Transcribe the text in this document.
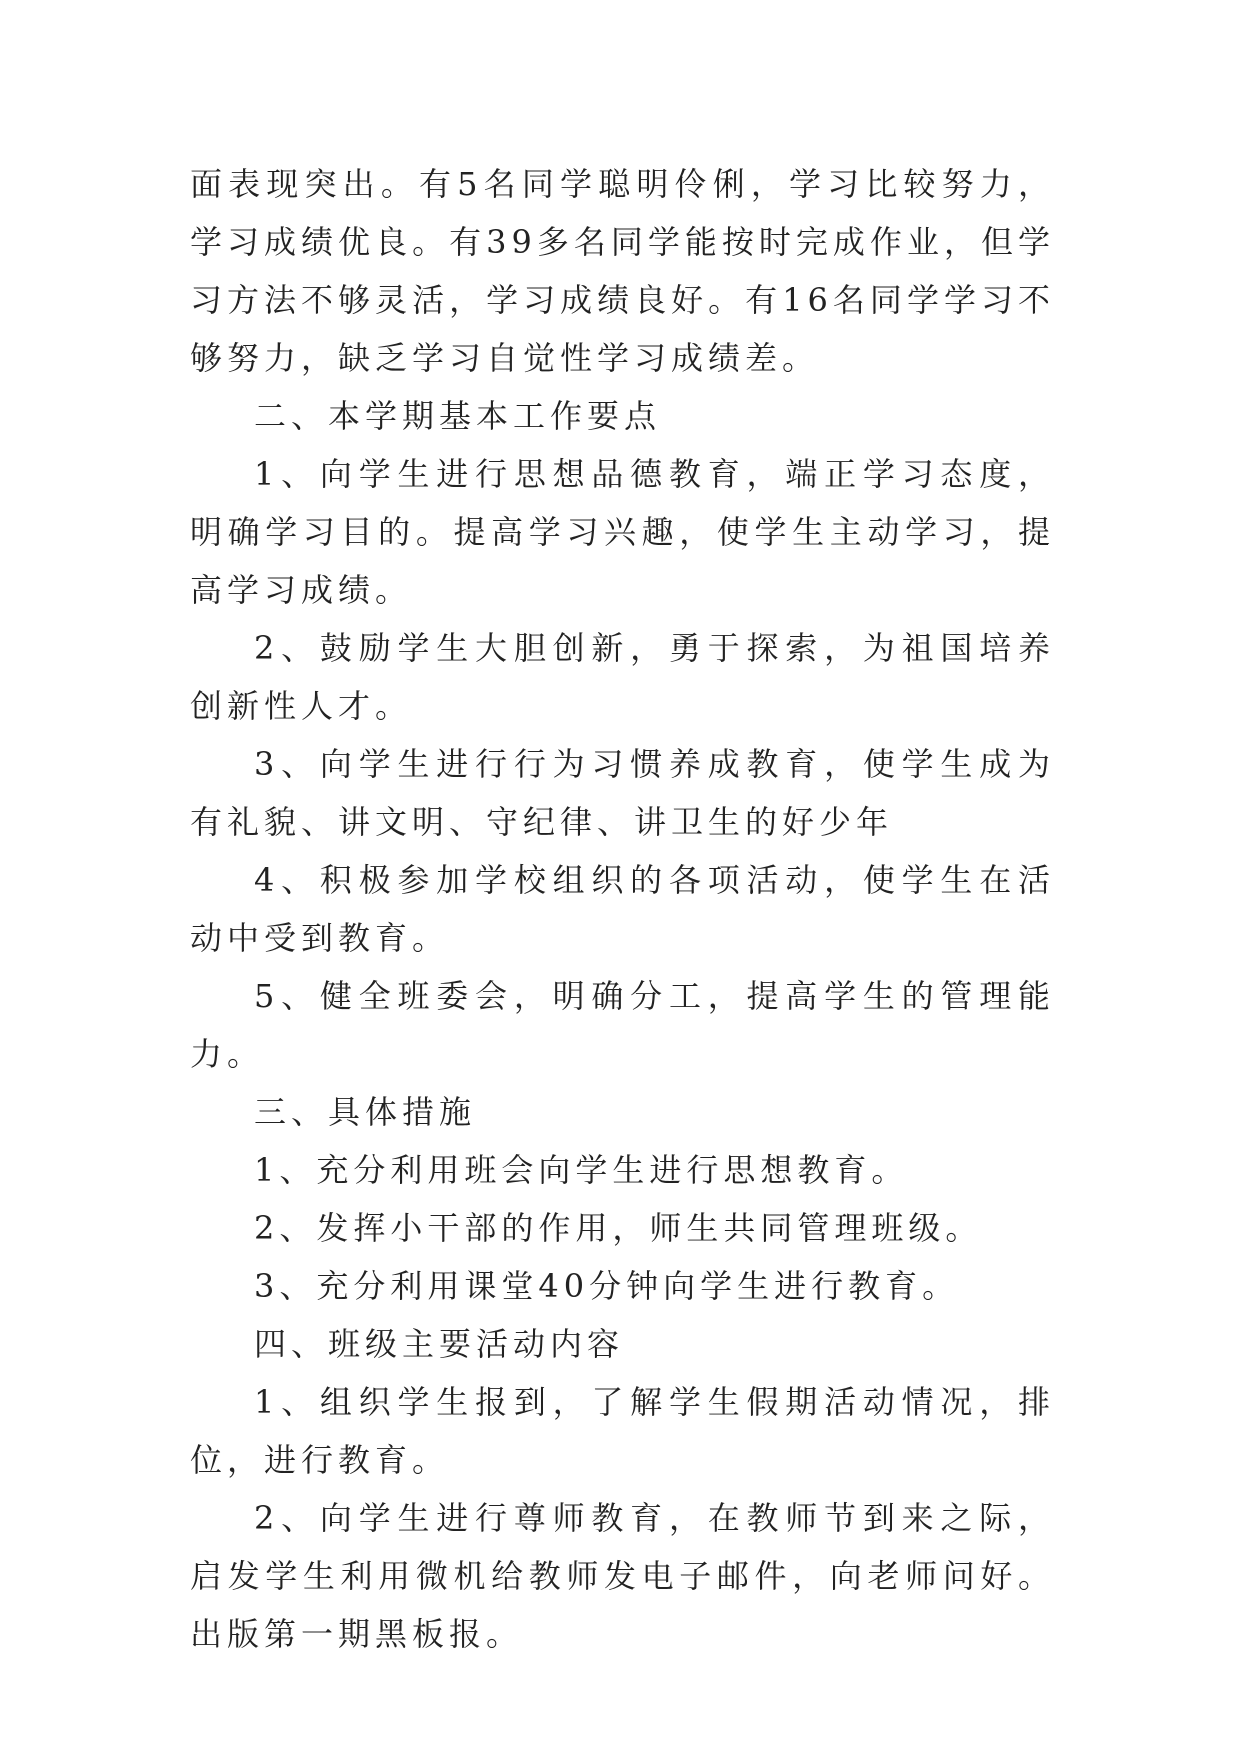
面表现突出。有5名同学聪明伶俐，学习比较努力，学习成绩优良。有39多名同学能按时完成作业，但学习方法不够灵活，学习成绩良好。有16名同学学习不够努力，缺乏学习自觉性学习成绩差。

二、本学期基本工作要点

1、向学生进行思想品德教育，端正学习态度，明确学习目的。提高学习兴趣，使学生主动学习，提高学习成绩。

2、鼓励学生大胆创新，勇于探索，为祖国培养创新性人才。

3、向学生进行行为习惯养成教育，使学生成为有礼貌、讲文明、守纪律、讲卫生的好少年

4、积极参加学校组织的各项活动，使学生在活动中受到教育。

5、健全班委会，明确分工，提高学生的管理能力。

三、具体措施

1、充分利用班会向学生进行思想教育。

2、发挥小干部的作用，师生共同管理班级。

3、充分利用课堂40分钟向学生进行教育。

四、班级主要活动内容

1、组织学生报到，了解学生假期活动情况，排位，进行教育。

2、向学生进行尊师教育，在教师节到来之际，启发学生利用微机给教师发电子邮件，向老师问好。出版第一期黑板报。
